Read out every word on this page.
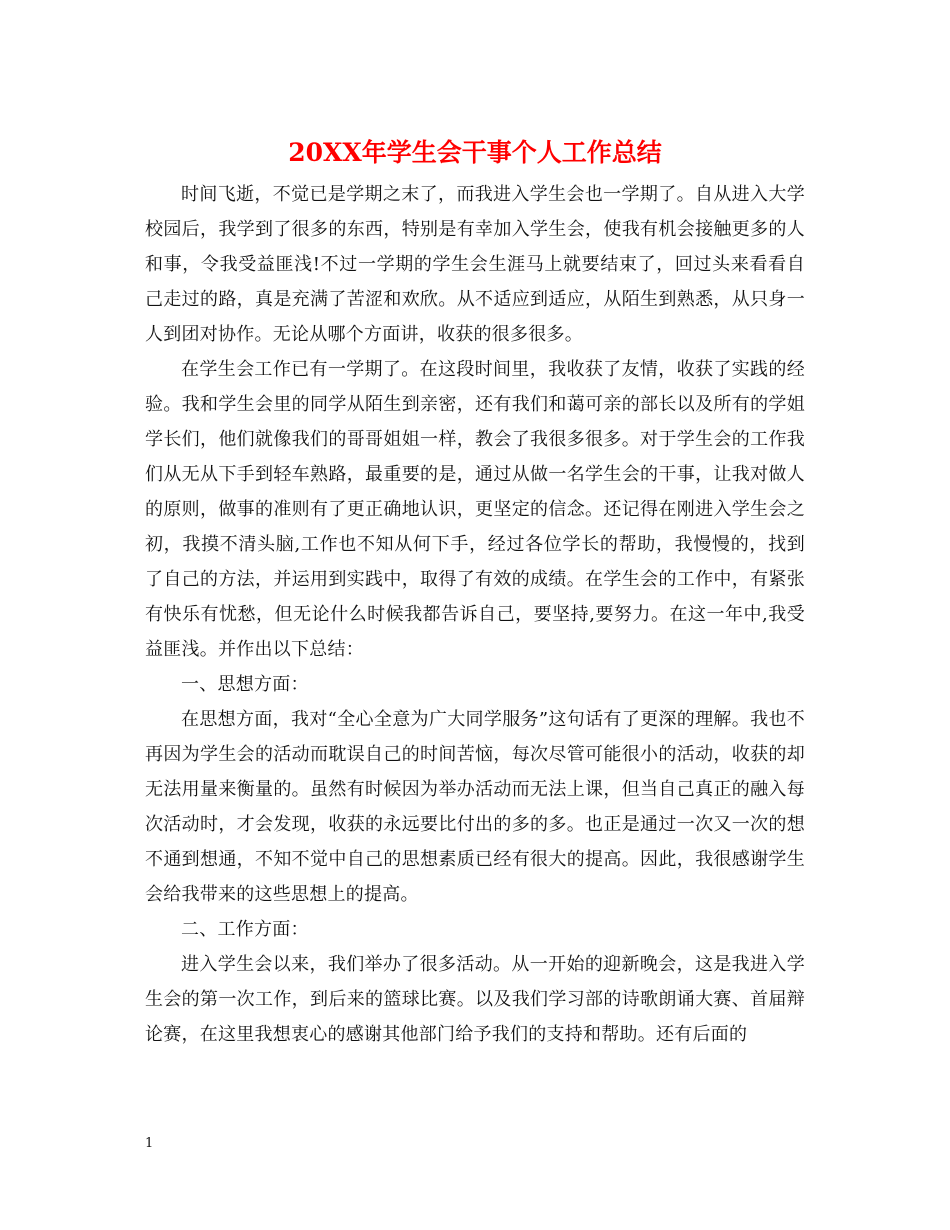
20XX年学生会干事个人工作总结

时间飞逝，不觉已是学期之末了，而我进入学生会也一学期了。自从进入大学校园后，我学到了很多的东西，特别是有幸加入学生会，使我有机会接触更多的人和事，令我受益匪浅!不过一学期的学生会生涯马上就要结束了，回过头来看看自己走过的路，真是充满了苦涩和欢欣。从不适应到适应，从陌生到熟悉，从只身一人到团对协作。无论从哪个方面讲，收获的很多很多。

在学生会工作已有一学期了。在这段时间里，我收获了友情，收获了实践的经验。我和学生会里的同学从陌生到亲密，还有我们和蔼可亲的部长以及所有的学姐学长们，他们就像我们的哥哥姐姐一样，教会了我很多很多。对于学生会的工作我们从无从下手到轻车熟路，最重要的是，通过从做一名学生会的干事，让我对做人的原则，做事的准则有了更正确地认识，更坚定的信念。还记得在刚进入学生会之初，我摸不清头脑,工作也不知从何下手，经过各位学长的帮助，我慢慢的，找到了自己的方法，并运用到实践中，取得了有效的成绩。在学生会的工作中，有紧张有快乐有忧愁，但无论什么时候我都告诉自己，要坚持,要努力。在这一年中,我受益匪浅。并作出以下总结：

一、思想方面：

在思想方面，我对“全心全意为广大同学服务”这句话有了更深的理解。我也不再因为学生会的活动而耽误自己的时间苦恼，每次尽管可能很小的活动，收获的却无法用量来衡量的。虽然有时候因为举办活动而无法上课，但当自己真正的融入每次活动时，才会发现，收获的永远要比付出的多的多。也正是通过一次又一次的想不通到想通，不知不觉中自己的思想素质已经有很大的提高。因此，我很感谢学生会给我带来的这些思想上的提高。

二、工作方面：

进入学生会以来，我们举办了很多活动。从一开始的迎新晚会，这是我进入学生会的第一次工作，到后来的篮球比赛。以及我们学习部的诗歌朗诵大赛、首届辩论赛，在这里我想衷心的感谢其他部门给予我们的支持和帮助。还有后面的

1
